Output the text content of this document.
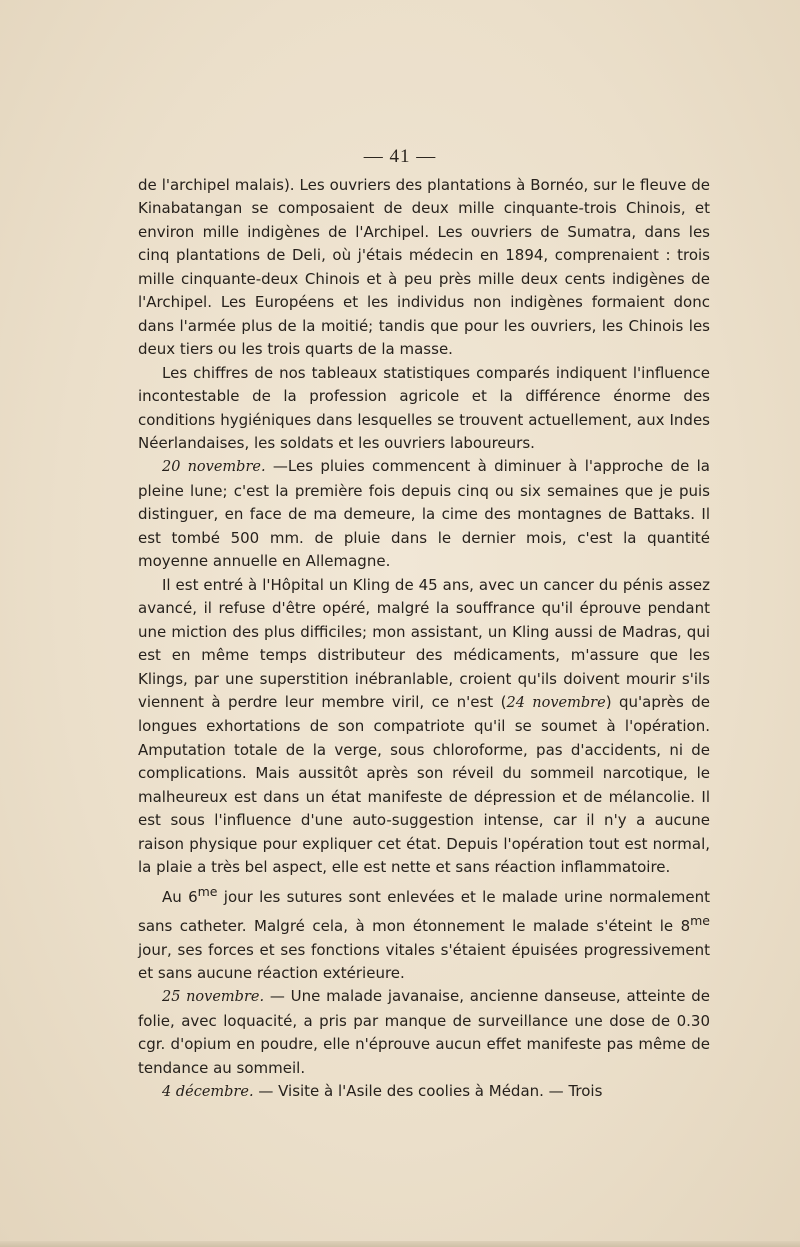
— 41 —

de l'archipel malais). Les ouvriers des plantations à Bornéo, sur le fleuve de Kinabatangan se composaient de deux mille cinquante-trois Chinois, et environ mille indigènes de l'Archipel. Les ouvriers de Sumatra, dans les cinq plantations de Deli, où j'étais médecin en 1894, comprenaient : trois mille cinquante-deux Chinois et à peu près mille deux cents indigènes de l'Archipel. Les Européens et les individus non indigènes formaient donc dans l'armée plus de la moitié; tandis que pour les ouvriers, les Chinois les deux tiers ou les trois quarts de la masse.

Les chiffres de nos tableaux statistiques comparés indiquent l'influence incontestable de la profession agricole et la différence énorme des conditions hygiéniques dans lesquelles se trouvent actuellement, aux Indes Néerlandaises, les soldats et les ouvriers laboureurs.

20 novembre. —Les pluies commencent à diminuer à l'approche de la pleine lune; c'est la première fois depuis cinq ou six semaines que je puis distinguer, en face de ma demeure, la cime des montagnes de Battaks. Il est tombé 500 mm. de pluie dans le dernier mois, c'est la quantité moyenne annuelle en Allemagne.

Il est entré à l'Hôpital un Kling de 45 ans, avec un cancer du pénis assez avancé, il refuse d'être opéré, malgré la souffrance qu'il éprouve pendant une miction des plus difficiles; mon assistant, un Kling aussi de Madras, qui est en même temps distributeur des médicaments, m'assure que les Klings, par une superstition inébranlable, croient qu'ils doivent mourir s'ils viennent à perdre leur membre viril, ce n'est (24 novembre) qu'après de longues exhortations de son compatriote qu'il se soumet à l'opération. Amputation totale de la verge, sous chloroforme, pas d'accidents, ni de complications. Mais aussitôt après son réveil du sommeil narcotique, le malheureux est dans un état manifeste de dépression et de mélancolie. Il est sous l'influence d'une auto-suggestion intense, car il n'y a aucune raison physique pour expliquer cet état. Depuis l'opération tout est normal, la plaie a très bel aspect, elle est nette et sans réaction inflammatoire.

Au $6^{me}$ jour les sutures sont enlevées et le malade urine normalement sans catheter. Malgré cela, à mon étonnement le malade s'éteint le $8^{me}$ jour, ses forces et ses fonctions vitales s'étaient épuisées progressivement et sans aucune réaction extérieure.

25 novembre. — Une malade javanaise, ancienne danseuse, atteinte de folie, avec loquacité, a pris par manque de surveillance une dose de 0.30 cgr. d'opium en poudre, elle n'éprouve aucun effet manifeste pas même de tendance au sommeil.

4 décembre. — Visite à l'Asile des coolies à Médan. — Trois
